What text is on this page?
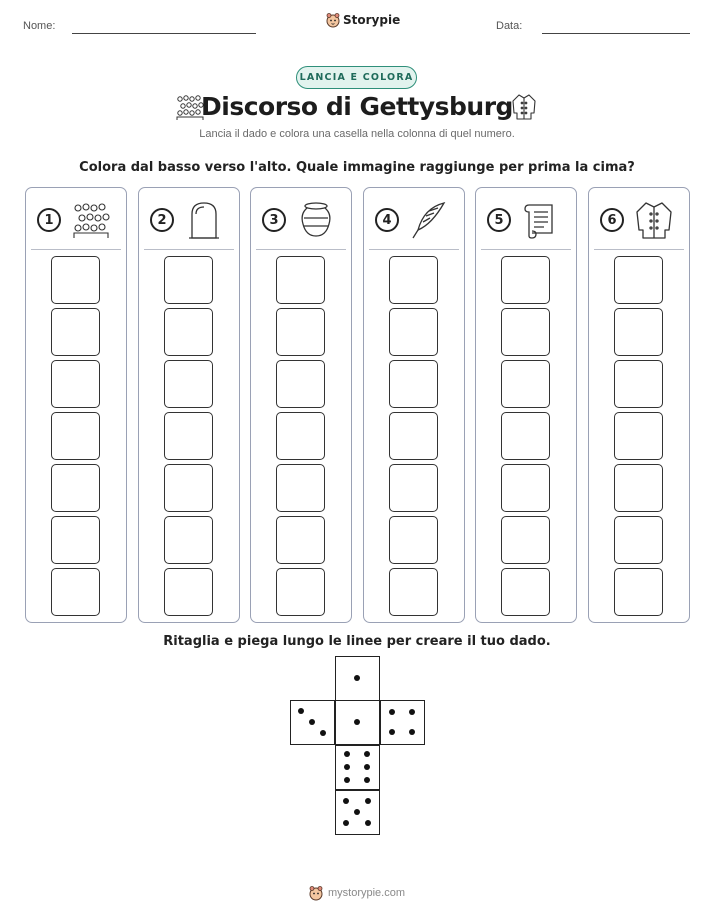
Nome:	Storypie	Data:
LANCIA E COLORA
Discorso di Gettysburg
Lancia il dado e colora una casella nella colonna di quel numero.
Colora dal basso verso l'alto. Quale immagine raggiunge per prima la cima?
1	2	3	4	5	6
Ritaglia e piega lungo le linee per creare il tuo dado.
mystorypie.com
